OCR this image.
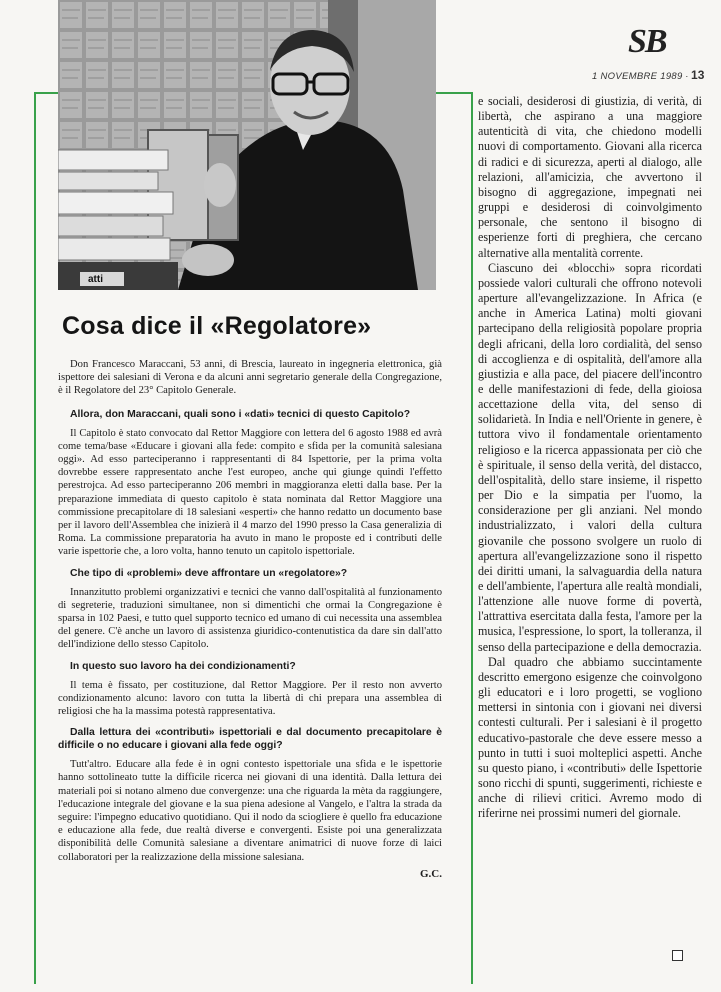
SB
1 NOVEMBRE 1989 · 13
atti
Cosa dice il «Regolatore»

Don Francesco Maraccani, 53 anni, di Brescia, laureato in ingegneria elettronica, già ispettore dei salesiani di Verona e da alcuni anni segretario generale della Congregazione, è il Regolatore del 23° Capitolo Generale.

Allora, don Maraccani, quali sono i «dati» tecnici di questo Capitolo?

Il Capitolo è stato convocato dal Rettor Maggiore con lettera del 6 agosto 1988 ed avrà come tema/base «Educare i giovani alla fede: compito e sfida per la comunità salesiana oggi». Ad esso parteciperanno i rappresentanti di 84 Ispettorie, per la prima volta dovrebbe essere rappresentato anche l'est europeo, anche qui giunge quindi l'effetto perestrojca. Ad esso parteciperanno 206 membri in maggioranza eletti dalla base. Per la preparazione immediata di questo capitolo è stata nominata dal Rettor Maggiore una commissione precapitolare di 18 salesiani «esperti» che hanno redatto un documento base per il lavoro dell'Assemblea che inizierà il 4 marzo del 1990 presso la Casa generalizia di Roma. La commissione preparatoria ha avuto in mano le proposte ed i contributi delle varie ispettorie che, a loro volta, hanno tenuto un capitolo ispettoriale.

Che tipo di «problemi» deve affrontare un «regolatore»?

Innanzitutto problemi organizzativi e tecnici che vanno dall'ospitalità al funzionamento di segreterie, traduzioni simultanee, non si dimentichi che ormai la Congregazione è sparsa in 102 Paesi, e tutto quel supporto tecnico ed umano di cui necessita una assemblea del genere. C'è anche un lavoro di assistenza giuridico-contenutistica da dare sin dall'atto dell'indizione dello stesso Capitolo.

In questo suo lavoro ha dei condizionamenti?

Il tema è fissato, per costituzione, dal Rettor Maggiore. Per il resto non avverto condizionamento alcuno: lavoro con tutta la libertà di chi prepara una assemblea di religiosi che ha la massima potestà rappresentativa.

Dalla lettura dei «contributi» ispettoriali e dal documento precapitolare è difficile o no educare i giovani alla fede oggi?

Tutt'altro. Educare alla fede è in ogni contesto ispettoriale una sfida e le ispettorie hanno sottolineato tutte la difficile ricerca nei giovani di una identità. Dalla lettura dei materiali poi si notano almeno due convergenze: una che riguarda la mèta da raggiungere, l'educazione integrale del giovane e la sua piena adesione al Vangelo, e l'altra la strada da seguire: l'impegno educativo quotidiano. Qui il nodo da sciogliere è quello fra educazione e educazione alla fede, due realtà diverse e convergenti. Esiste poi una generalizzata disponibilità delle Comunità salesiane a diventare animatrici di nuove forze di laici collaboratori per la realizzazione della missione salesiana.

G.C.

e sociali, desiderosi di giustizia, di verità, di libertà, che aspirano a una maggiore autenticità di vita, che chiedono modelli nuovi di comportamento. Giovani alla ricerca di radici e di sicurezza, aperti al dialogo, alle relazioni, all'amicizia, che avvertono il bisogno di aggregazione, impegnati nei gruppi e desiderosi di coinvolgimento personale, che sentono il bisogno di esperienze forti di preghiera, che cercano alternative alla mentalità corrente.

Ciascuno dei «blocchi» sopra ricordati possiede valori culturali che offrono notevoli aperture all'evangelizzazione. In Africa (e anche in America Latina) molti giovani partecipano della religiosità popolare propria degli africani, della loro cordialità, del senso di accoglienza e di ospitalità, dell'amore alla giustizia e alla pace, del piacere dell'incontro e delle manifestazioni di fede, della gioiosa accettazione della vita, del senso di solidarietà. In India e nell'Oriente in genere, è tuttora vivo il fondamentale orientamento religioso e la ricerca appassionata per ciò che è spirituale, il senso della verità, del distacco, dell'ospitalità, dello stare insieme, il rispetto per Dio e la simpatia per l'uomo, la considerazione per gli anziani. Nel mondo industrializzato, i valori della cultura giovanile che possono svolgere un ruolo di apertura all'evangelizzazione sono il rispetto dei diritti umani, la salvaguardia della natura e dell'ambiente, l'apertura alle realtà mondiali, l'attenzione alle nuove forme di povertà, l'attrattiva esercitata dalla festa, l'amore per la musica, l'espressione, lo sport, la tolleranza, il senso della partecipazione e della democrazia.

Dal quadro che abbiamo succintamente descritto emergono esigenze che coinvolgono gli educatori e i loro progetti, se vogliono mettersi in sintonia con i giovani nei diversi contesti culturali. Per i salesiani è il progetto educativo-pastorale che deve essere messo a punto in tutti i suoi molteplici aspetti. Anche su questo piano, i «contributi» delle Ispettorie sono ricchi di spunti, suggerimenti, richieste e anche di rilievi critici. Avremo modo di riferirne nei prossimi numeri del giornale.
